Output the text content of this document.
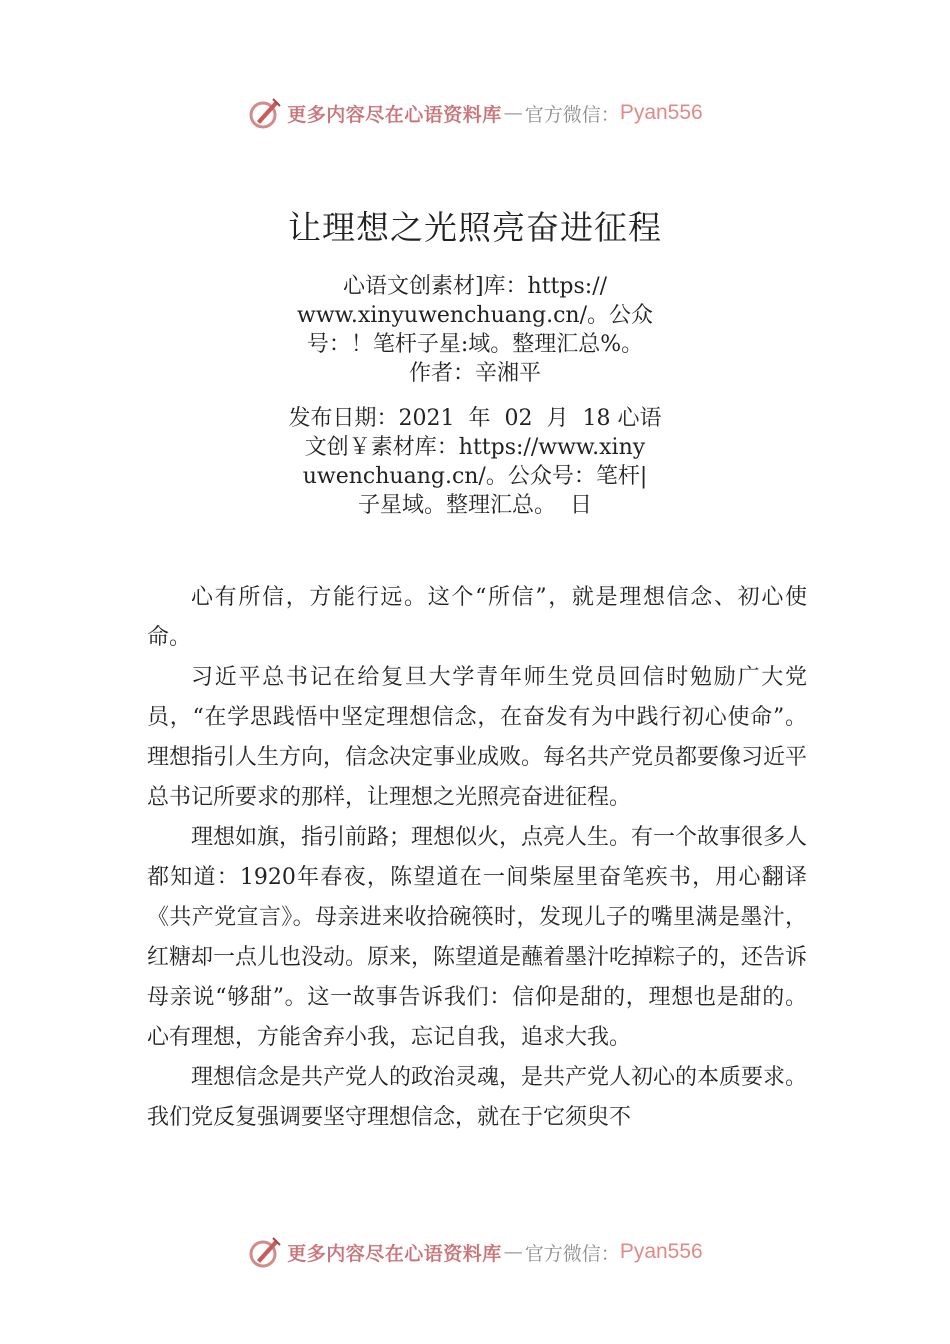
更多内容尽在心语资料库 — 官方微信： Pyan556
让理想之光照亮奋进征程
心语文创素材]库：https://
www.xinyuwenchuang.cn/。公众
号：！笔杆子星:域。整理汇总%。
作者：辛湘平
发布日期：2021  年  02  月  18 心语
文创￥素材库：https://www.xiny
uwenchuang.cn/。公众号：笔杆|
子星域。整理汇总。  日

心有所信，方能行远。这个“所信”，就是理想信念、初心使命。

习近平总书记在给复旦大学青年师生党员回信时勉励广大党员，“在学思践悟中坚定理想信念，在奋发有为中践行初心使命”。理想指引人生方向，信念决定事业成败。每名共产党员都要像习近平总书记所要求的那样，让理想之光照亮奋进征程。

理想如旗，指引前路；理想似火，点亮人生。有一个故事很多人都知道：1920年春夜，陈望道在一间柴屋里奋笔疾书，用心翻译《共产党宣言》。母亲进来收拾碗筷时，发现儿子的嘴里满是墨汁，红糖却一点儿也没动。原来，陈望道是蘸着墨汁吃掉粽子的，还告诉母亲说“够甜”。这一故事告诉我们：信仰是甜的，理想也是甜的。心有理想，方能舍弃小我，忘记自我，追求大我。

理想信念是共产党人的政治灵魂，是共产党人初心的本质要求。我们党反复强调要坚守理想信念，就在于它须臾不

更多内容尽在心语资料库 — 官方微信： Pyan556
